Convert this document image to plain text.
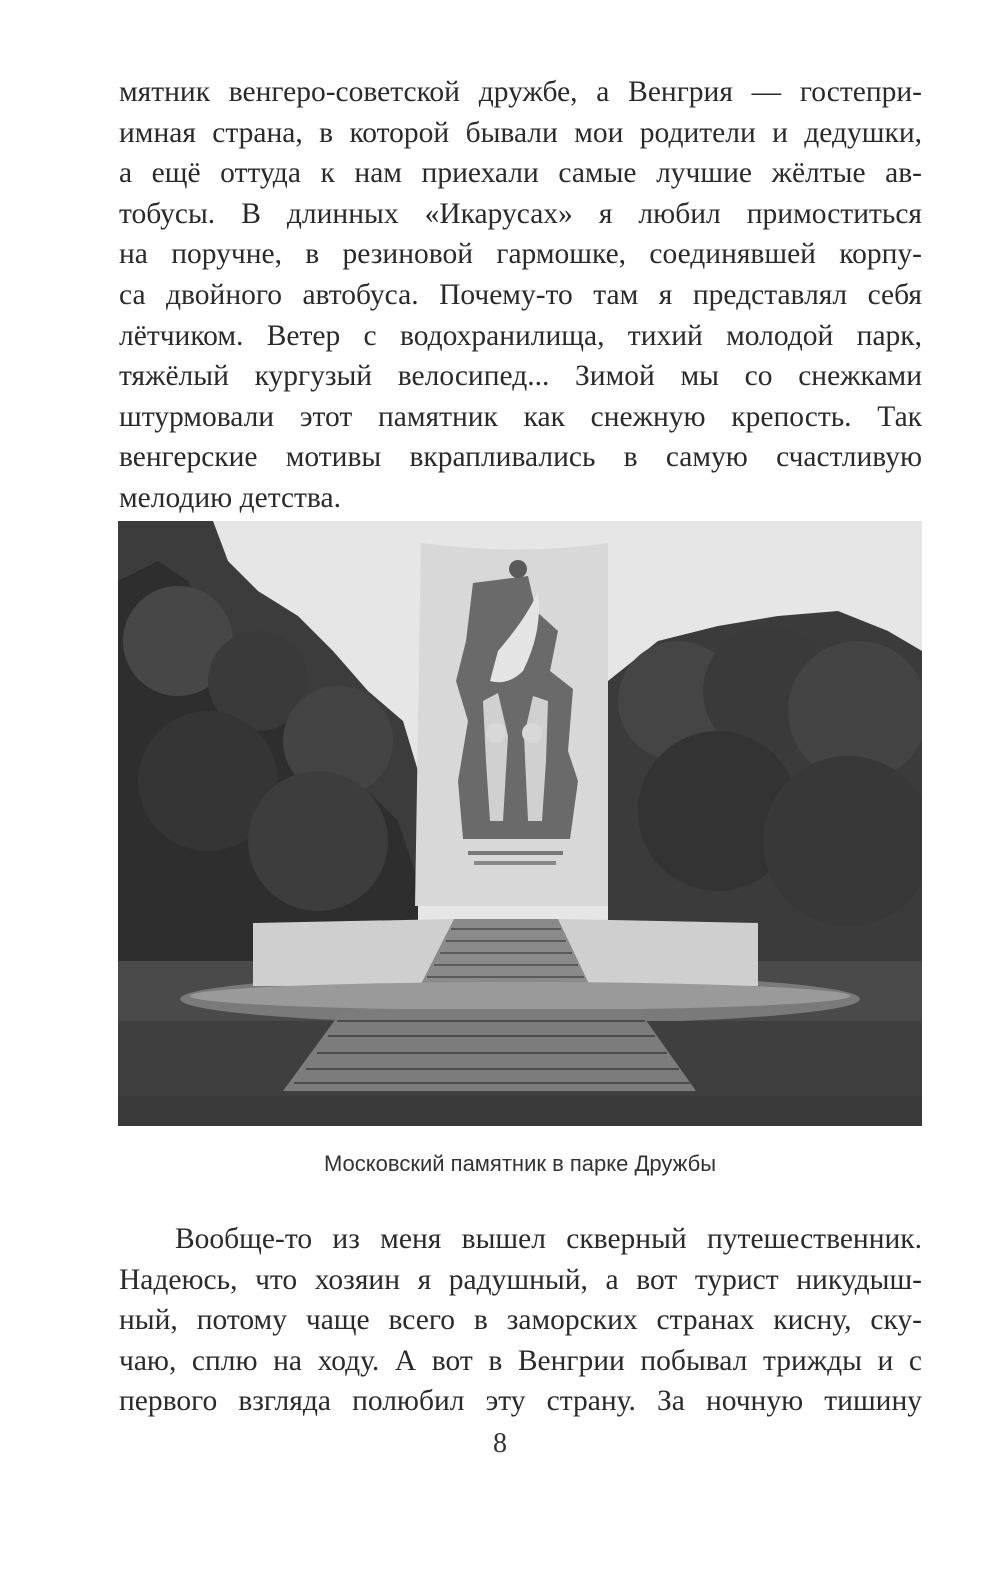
мятник венгеро-советской дружбе, а Венгрия — гостепри-
имная страна, в которой бывали мои родители и дедушки,
а ещё оттуда к нам приехали самые лучшие жёлтые ав-
тобусы. В длинных «Икарусах» я любил примоститься
на поручне, в резиновой гармошке, соединявшей корпу-
са двойного автобуса. Почему-то там я представлял себя
лётчиком. Ветер с водохранилища, тихий молодой парк,
тяжёлый кургузый велосипед... Зимой мы со снежками
штурмовали этот памятник как снежную крепость. Так
венгерские мотивы вкрапливались в самую счастливую
мелодию детства.
Московский памятник в парке Дружбы
Вообще-то из меня вышел скверный путешественник.
Надеюсь, что хозяин я радушный, а вот турист никудыш-
ный, потому чаще всего в заморских странах кисну, ску-
чаю, сплю на ходу. А вот в Венгрии побывал трижды и с
первого взгляда полюбил эту страну. За ночную тишину
8
